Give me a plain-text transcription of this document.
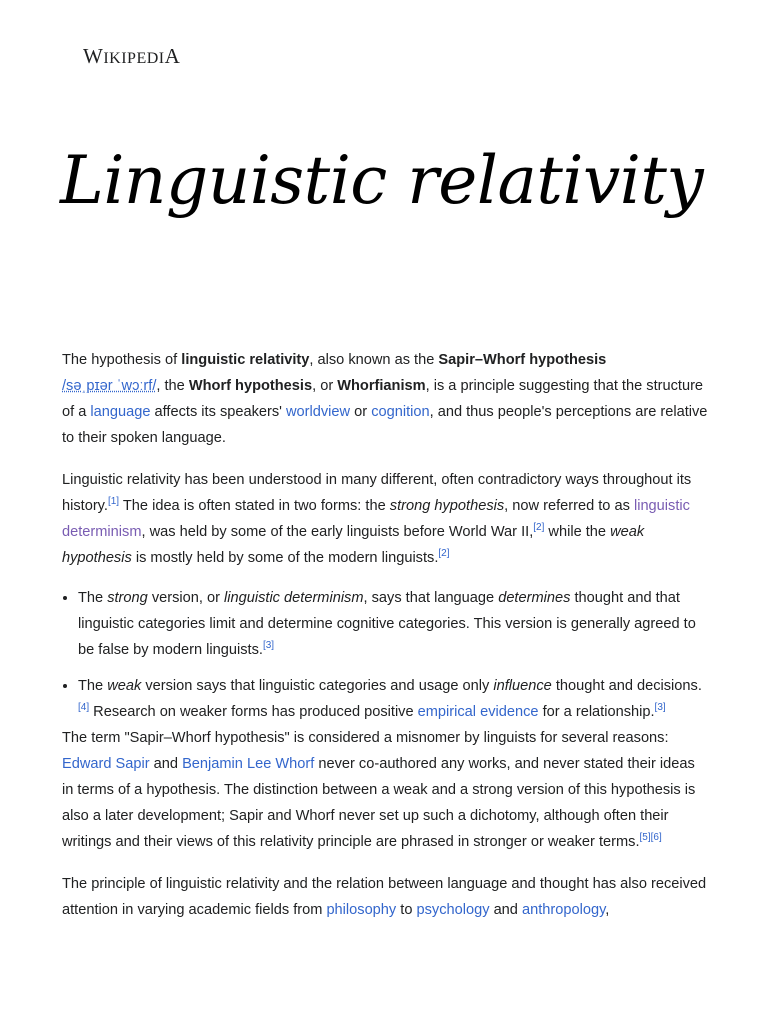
WIKIPEDIA
Linguistic relativity

The hypothesis of linguistic relativity, also known as the Sapir–Whorf hypothesis
/səˌpɪər ˈwɔːrf/, the Whorf hypothesis, or Whorfianism, is a principle suggesting that the structure of a language affects its speakers' worldview or cognition, and thus people's perceptions are relative to their spoken language.

Linguistic relativity has been understood in many different, often contradictory ways throughout its history.[1] The idea is often stated in two forms: the strong hypothesis, now referred to as linguistic determinism, was held by some of the early linguists before World War II,[2] while the weak hypothesis is mostly held by some of the modern linguists.[2]

• The strong version, or linguistic determinism, says that language determines thought and that linguistic categories limit and determine cognitive categories. This version is generally agreed to be false by modern linguists.[3]
• The weak version says that linguistic categories and usage only influence thought and decisions.[4] Research on weaker forms has produced positive empirical evidence for a relationship.[3]

The term "Sapir–Whorf hypothesis" is considered a misnomer by linguists for several reasons: Edward Sapir and Benjamin Lee Whorf never co-authored any works, and never stated their ideas in terms of a hypothesis. The distinction between a weak and a strong version of this hypothesis is also a later development; Sapir and Whorf never set up such a dichotomy, although often their writings and their views of this relativity principle are phrased in stronger or weaker terms.[5][6]

The principle of linguistic relativity and the relation between language and thought has also received attention in varying academic fields from philosophy to psychology and anthropology,
